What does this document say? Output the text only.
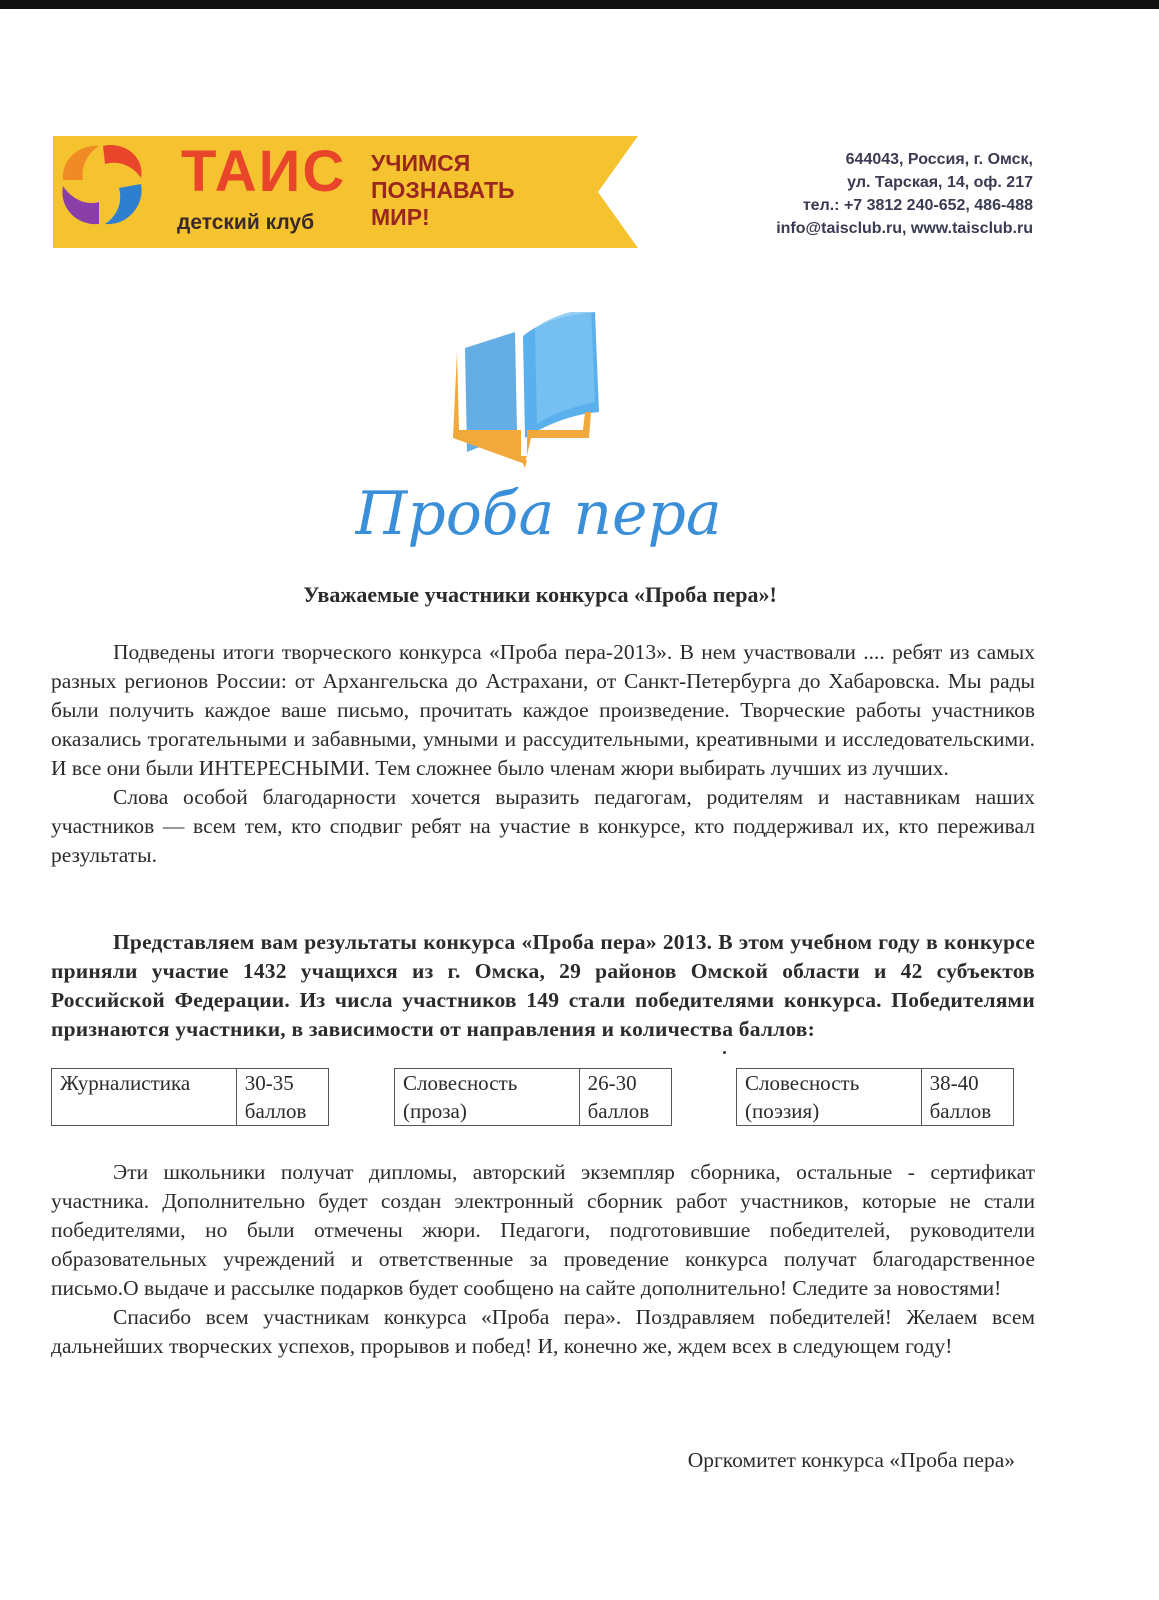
ТАИС
детский клуб
УЧИМСЯ
ПОЗНАВАТЬ
МИР!
644043, Россия, г. Омск,
ул. Тарская, 14, оф. 217
тел.: +7 3812 240-652, 486-488
info@taisclub.ru, www.taisclub.ru
Проба пера
Уважаемые участники конкурса «Проба пера»!

Подведены итоги творческого конкурса «Проба пера-2013». В нем участвовали .... ребят из самых разных регионов России: от Архангельска до Астрахани, от Санкт-Петербурга до Хабаровска. Мы рады были получить каждое ваше письмо, прочитать каждое произведение. Творческие работы участников оказались трогательными и забавными, умными и рассудительными, креативными и исследовательскими. И все они были ИНТЕРЕСНЫМИ. Тем сложнее было членам жюри выбирать лучших из лучших.

Слова особой благодарности хочется выразить педагогам, родителям и наставникам наших участников — всем тем, кто сподвиг ребят на участие в конкурсе, кто поддерживал их, кто переживал результаты.

Представляем вам результаты конкурса «Проба пера» 2013. В этом учебном году в конкурсе приняли участие 1432 учащихся из г. Омска, 29 районов Омской области и 42 субъектов Российской Федерации. Из числа участников 149 стали победителями конкурса. Победителями признаются участники, в зависимости от направления и количества баллов:

Журналистика	30-35 баллов
Словесность (проза)	26-30 баллов
Словесность (поэзия)	38-40 баллов

Эти школьники получат дипломы, авторский экземпляр сборника, остальные - сертификат участника. Дополнительно будет создан электронный сборник работ участников, которые не стали победителями, но были отмечены жюри. Педагоги, подготовившие победителей, руководители образовательных учреждений и ответственные за проведение конкурса получат благодарственное письмо.О выдаче и рассылке подарков будет сообщено на сайте дополнительно! Следите за новостями!

Спасибо всем участникам конкурса «Проба пера». Поздравляем победителей! Желаем всем дальнейших творческих успехов, прорывов и побед! И, конечно же, ждем всех в следующем году!

Оргкомитет конкурса «Проба пера»
